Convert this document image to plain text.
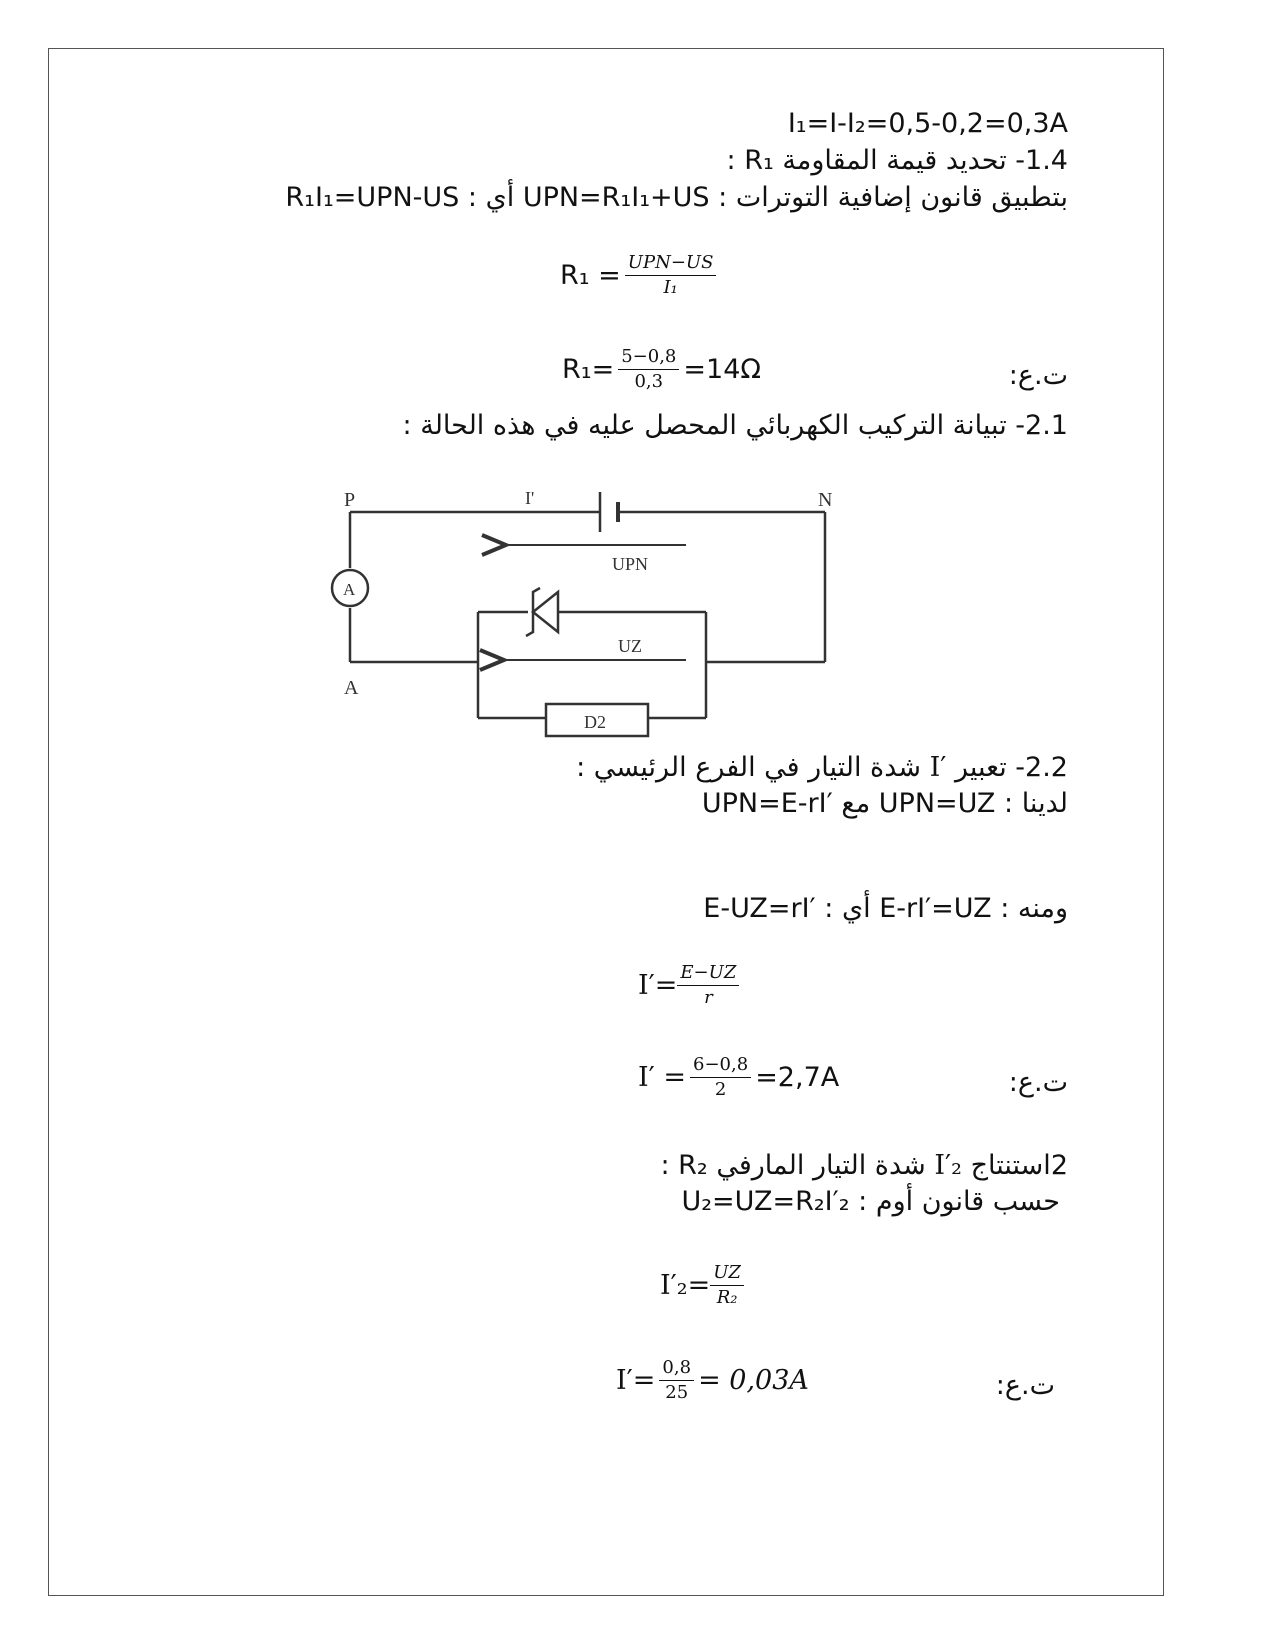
I₁=I-I₂=0,5-0,2=0,3A
1.4- تحديد قيمة المقاومة R₁ :
بتطبيق قانون إضافية التوترات : UPN=R₁I₁+US أي : R₁I₁=UPN-US
$R_1 = \frac{\text{UPN−US}}{\text{I₁}}$
ت.ع:
$R_1= \frac{5-0,8}{0,3} =14\Omega$
2.1- تبيانة التركيب الكهربائي المحصل عليه في هذه الحالة :
P	N
A
A
I'
UPN
UZ
D2
2.2- تعبير I′ شدة التيار في الفرع الرئيسي :
لدينا : UPN=UZ مع UPN=E-rI′
ومنه : E-rI′=UZ أي : E-UZ=rI′
$I'= \frac{E-UZ}{r}$
ت.ع:
$I' = \frac{6-0,8}{2} =2,7A$
2استنتاج I′₂ شدة التيار المارفي R₂ :
حسب قانون أوم : U₂=UZ=R₂I′₂
$I'_2= \frac{UZ}{\text{R₂}}$
ت.ع:
$I'= \frac{0,8}{25} = 0,03A$
